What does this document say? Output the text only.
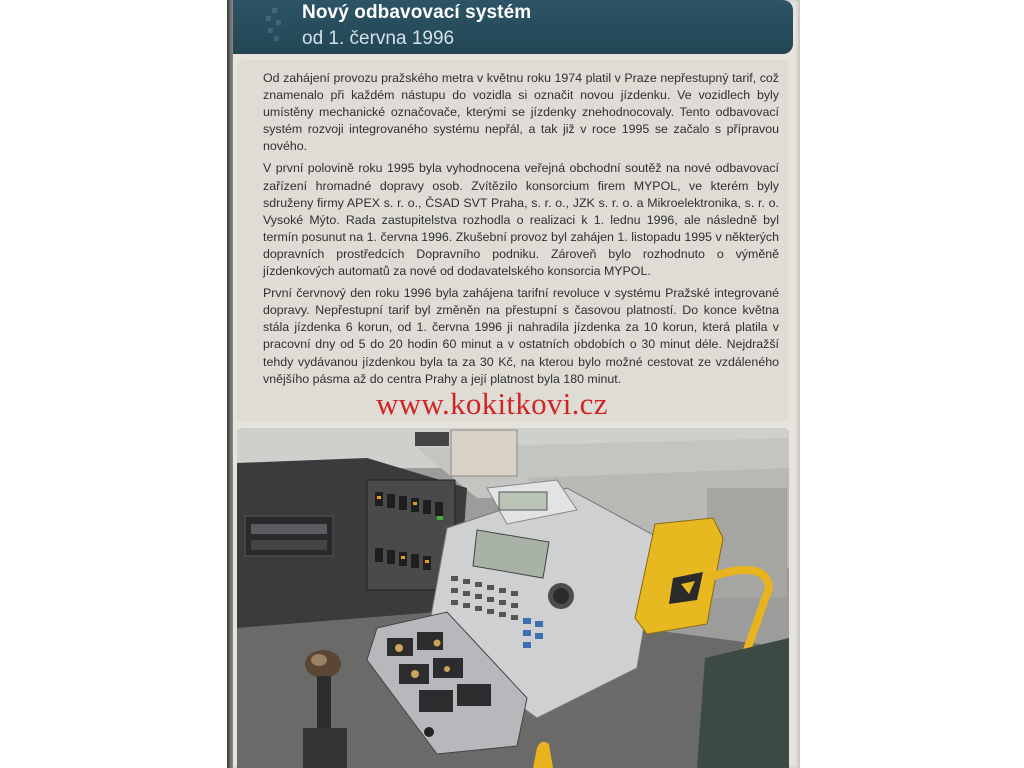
Nový odbavovací systém
od 1. června 1996

Od zahájení provozu pražského metra v květnu roku 1974 platil v Praze nepřestupný tarif, což znamenalo při každém nástupu do vozidla si označit novou jízdenku. Ve vozidlech byly umístěny mechanické označovače, kterými se jízdenky znehodnocovaly. Tento odbavovací systém rozvoji integrovaného systému nepřál, a tak již v roce 1995 se začalo s přípravou nového.

V první polovině roku 1995 byla vyhodnocena veřejná obchodní soutěž na nové odbavovací zařízení hromadné dopravy osob. Zvítězilo konsorcium firem MYPOL, ve kterém byly sdruženy firmy APEX s. r. o., ČSAD SVT Praha, s. r. o., JZK s. r. o. a Mikroelektronika, s. r. o. Vysoké Mýto. Rada zastupitelstva rozhodla o realizaci k 1. lednu 1996, ale následně byl termín posunut na 1. června 1996. Zkušební provoz byl zahájen 1. listopadu 1995 v některých dopravních prostředcích Dopravního podniku. Zároveň bylo rozhodnuto o výměně jízdenkových automatů za nové od dodavatelského konsorcia MYPOL.

První červnový den roku 1996 byla zahájena tarifní revoluce v systému Pražské integrované dopravy. Nepřestupní tarif byl změněn na přestupní s časovou platností. Do konce května stála jízdenka 6 korun, od 1. června 1996 ji nahradila jízdenka za 10 korun, která platila v pracovní dny od 5 do 20 hodin 60 minut a v ostatních obdobích o 30 minut déle. Nejdražší tehdy vydávanou jízdenkou byla ta za 30 Kč, na kterou bylo možné cestovat ze vzdáleného vnějšího pásma až do centra Prahy a její platnost byla 180 minut.

www.kokitkovi.cz
